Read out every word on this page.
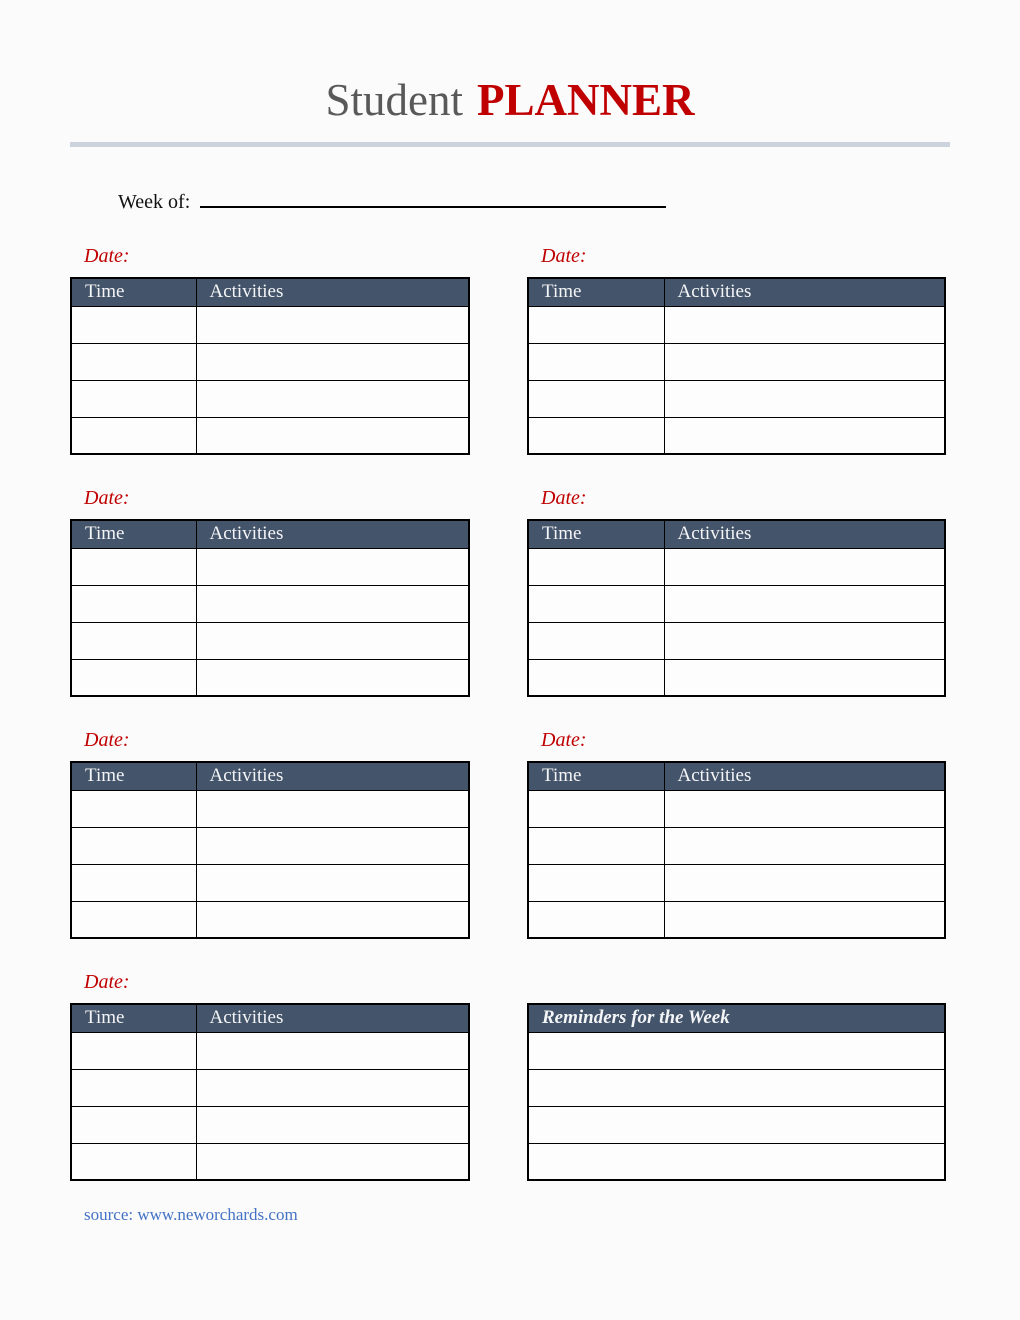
Student PLANNER
Week of:
Date:
Time	Activities

Date:
Time	Activities

Date:
Time	Activities

Date:
Time	Activities

Date:
Time	Activities

Date:
Time	Activities

Date:
Time	Activities

		Reminders for the Week

source: www.neworchards.com
